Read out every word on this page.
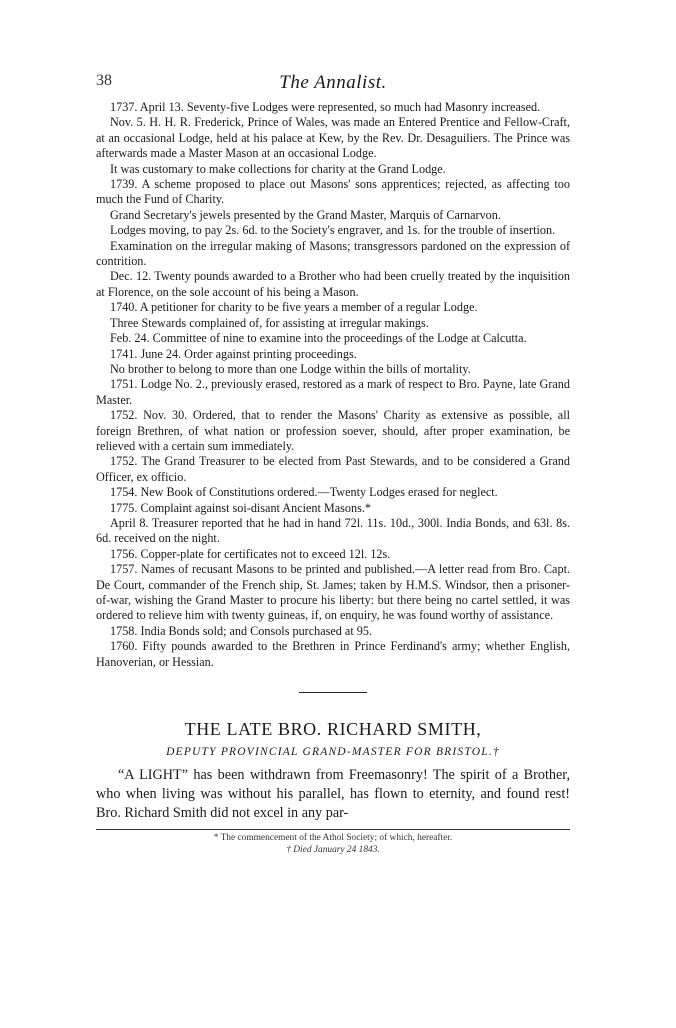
38	The Annalist.

1737. April 13. Seventy-five Lodges were represented, so much had Masonry increased.

Nov. 5. H. H. R. Frederick, Prince of Wales, was made an Entered Prentice and Fellow-Craft, at an occasional Lodge, held at his palace at Kew, by the Rev. Dr. Desaguiliers. The Prince was afterwards made a Master Mason at an occasional Lodge.

It was customary to make collections for charity at the Grand Lodge.

1739. A scheme proposed to place out Masons' sons apprentices; rejected, as affecting too much the Fund of Charity.

Grand Secretary's jewels presented by the Grand Master, Marquis of Carnarvon.

Lodges moving, to pay 2s. 6d. to the Society's engraver, and 1s. for the trouble of insertion.

Examination on the irregular making of Masons; transgressors pardoned on the expression of contrition.

Dec. 12. Twenty pounds awarded to a Brother who had been cruelly treated by the inquisition at Florence, on the sole account of his being a Mason.

1740. A petitioner for charity to be five years a member of a regular Lodge.

Three Stewards complained of, for assisting at irregular makings.

Feb. 24. Committee of nine to examine into the proceedings of the Lodge at Calcutta.

1741. June 24. Order against printing proceedings.

No brother to belong to more than one Lodge within the bills of mortality.

1751. Lodge No. 2., previously erased, restored as a mark of respect to Bro. Payne, late Grand Master.

1752. Nov. 30. Ordered, that to render the Masons' Charity as extensive as possible, all foreign Brethren, of what nation or profession soever, should, after proper examination, be relieved with a certain sum immediately.

1752. The Grand Treasurer to be elected from Past Stewards, and to be considered a Grand Officer, ex officio.

1754. New Book of Constitutions ordered.—Twenty Lodges erased for neglect.

1775. Complaint against soi-disant Ancient Masons.*

April 8. Treasurer reported that he had in hand 72l. 11s. 10d., 300l. India Bonds, and 63l. 8s. 6d. received on the night.

1756. Copper-plate for certificates not to exceed 12l. 12s.

1757. Names of recusant Masons to be printed and published.—A letter read from Bro. Capt. De Court, commander of the French ship, St. James; taken by H.M.S. Windsor, then a prisoner-of-war, wishing the Grand Master to procure his liberty: but there being no cartel settled, it was ordered to relieve him with twenty guineas, if, on enquiry, he was found worthy of assistance.

1758. India Bonds sold; and Consols purchased at 95.

1760. Fifty pounds awarded to the Brethren in Prince Ferdinand's army; whether English, Hanoverian, or Hessian.

THE LATE BRO. RICHARD SMITH,

DEPUTY PROVINCIAL GRAND-MASTER FOR BRISTOL.†

“A LIGHT” has been withdrawn from Freemasonry! The spirit of a Brother, who when living was without his parallel, has flown to eternity, and found rest! Bro. Richard Smith did not excel in any par-

* The commencement of the Athol Society; of which, hereafter.

† Died January 24 1843.
